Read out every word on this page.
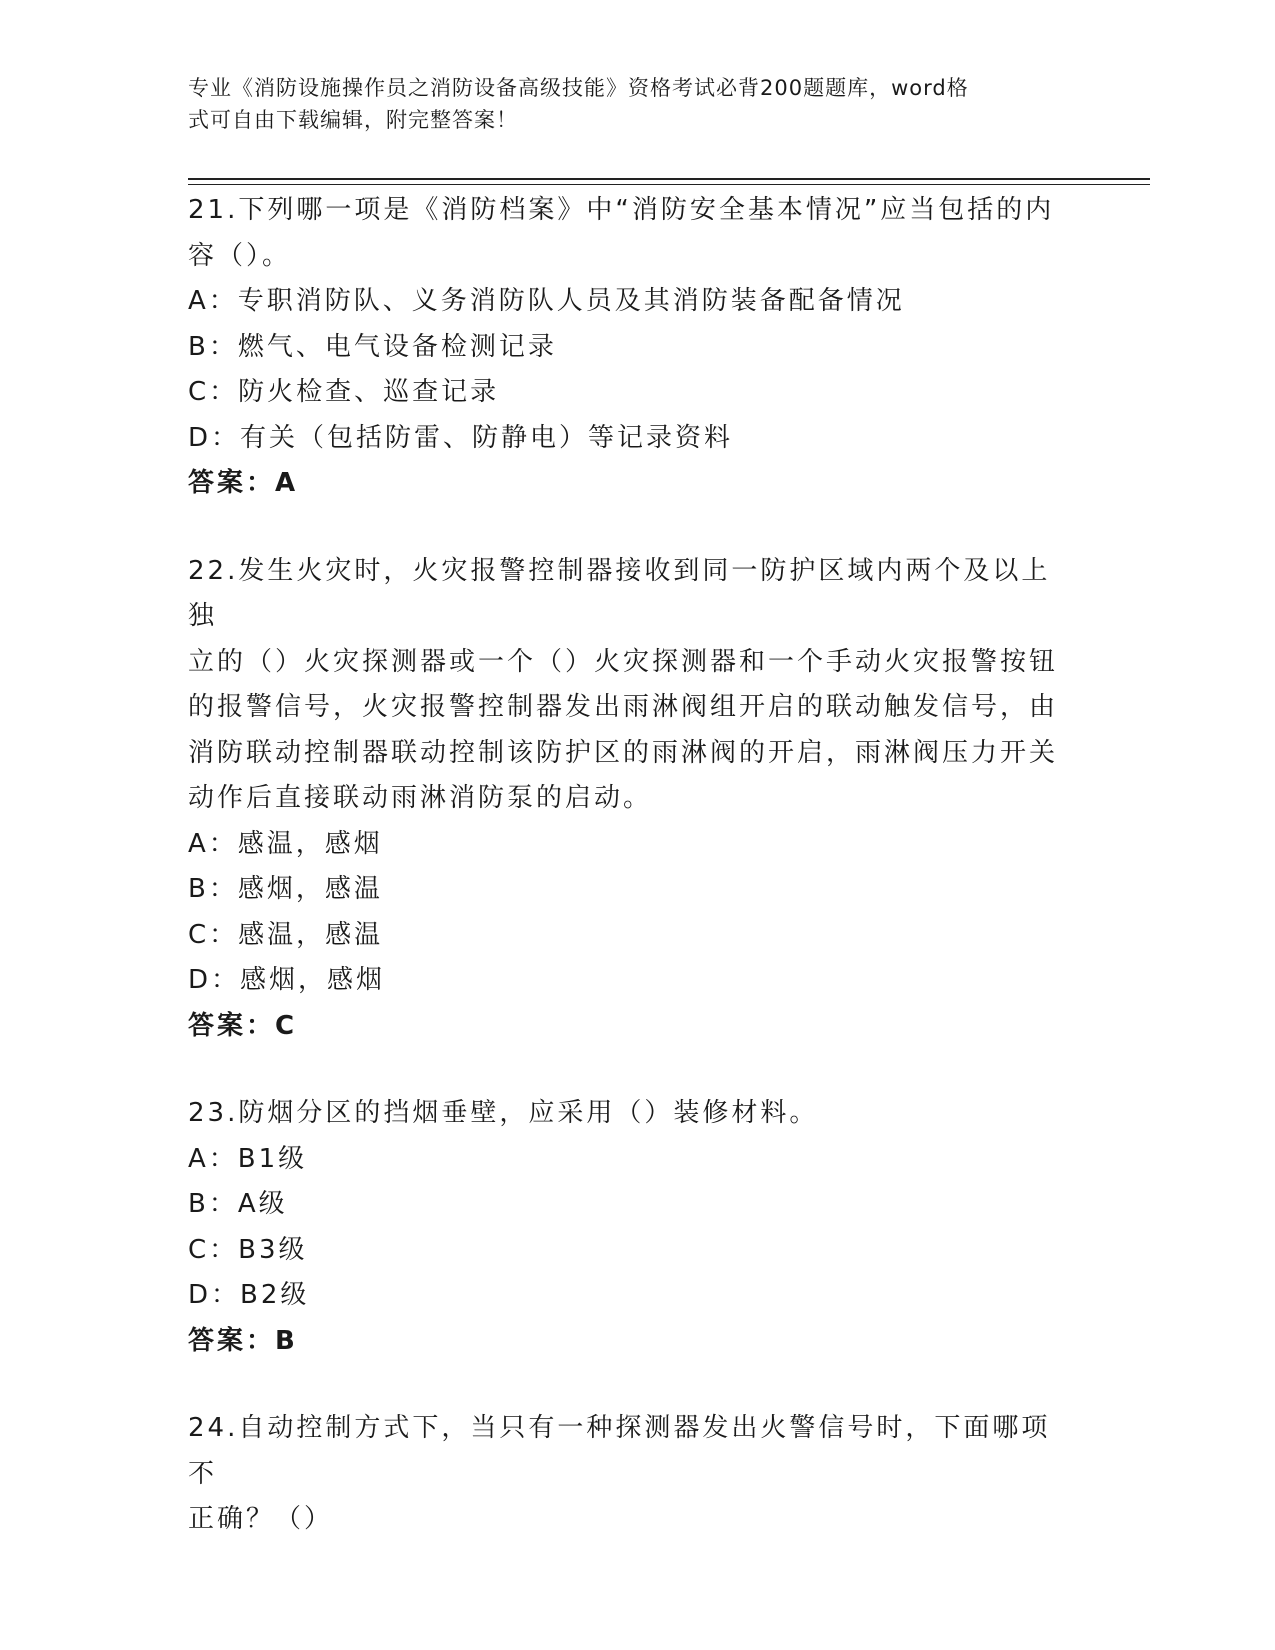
专业《消防设施操作员之消防设备高级技能》资格考试必背200题题库，word格
式可自由下载编辑，附完整答案！
21.下列哪一项是《消防档案》中“消防安全基本情况”应当包括的内
容（）。
A：专职消防队、义务消防队人员及其消防装备配备情况
B：燃气、电气设备检测记录
C：防火检查、巡查记录
D：有关（包括防雷、防静电）等记录资料
答案：A
22.发生火灾时，火灾报警控制器接收到同一防护区域内两个及以上独
立的（）火灾探测器或一个（）火灾探测器和一个手动火灾报警按钮
的报警信号，火灾报警控制器发出雨淋阀组开启的联动触发信号，由
消防联动控制器联动控制该防护区的雨淋阀的开启，雨淋阀压力开关
动作后直接联动雨淋消防泵的启动。
A：感温，感烟
B：感烟，感温
C：感温，感温
D：感烟，感烟
答案：C
23.防烟分区的挡烟垂壁，应采用（）装修材料。
A：B1级
B：A级
C：B3级
D：B2级
答案：B
24.自动控制方式下，当只有一种探测器发出火警信号时，下面哪项不
正确？（）
